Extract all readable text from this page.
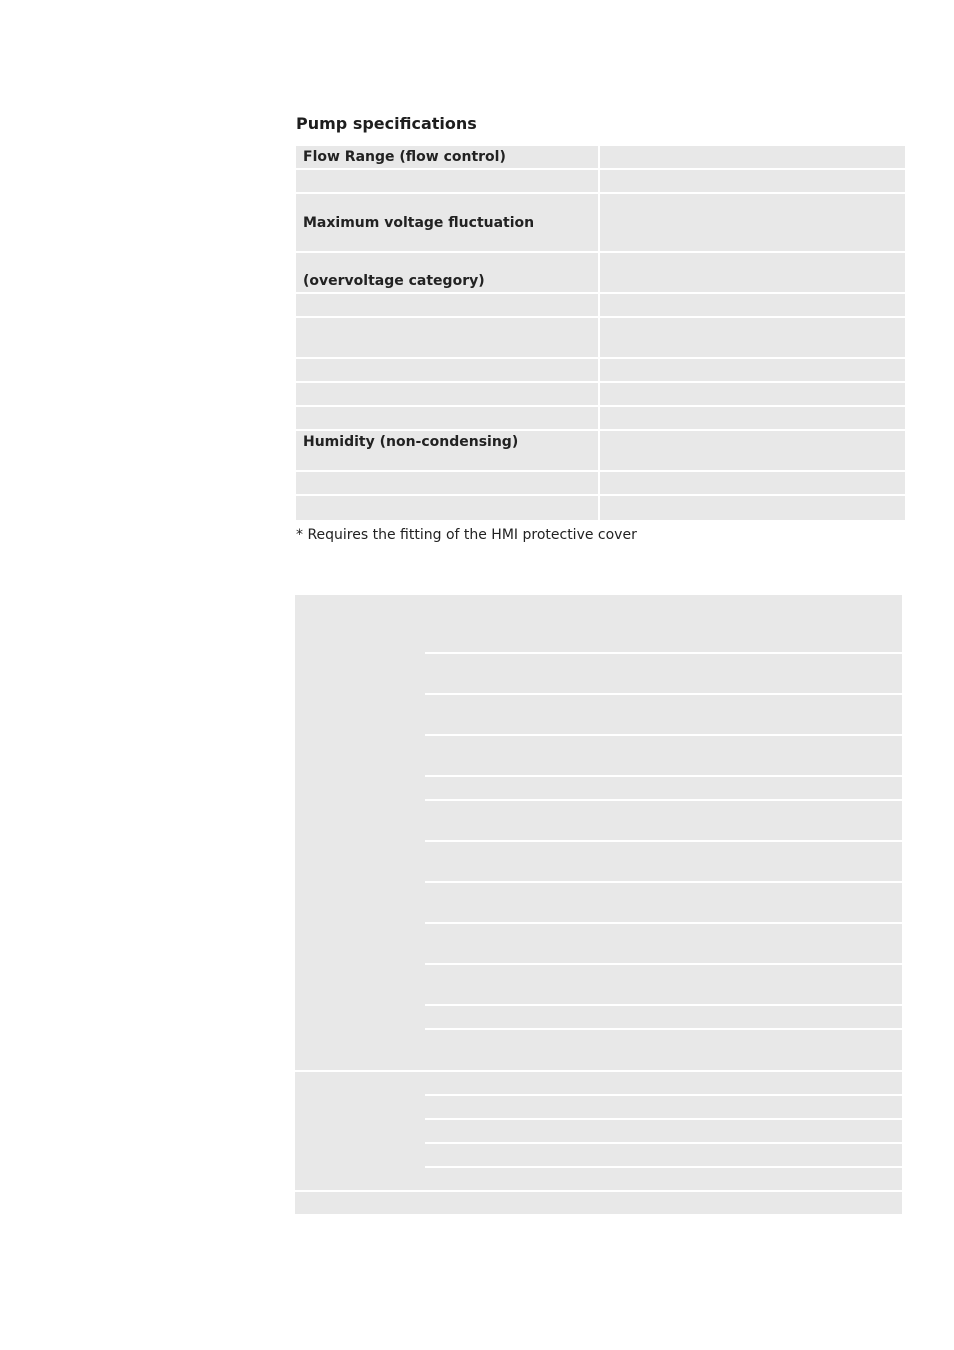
Pump specifications
Flow Range (flow control)
Maximum voltage fluctuation
(overvoltage category)
Humidity (non-condensing)
* Requires the fitting of the HMI protective cover
